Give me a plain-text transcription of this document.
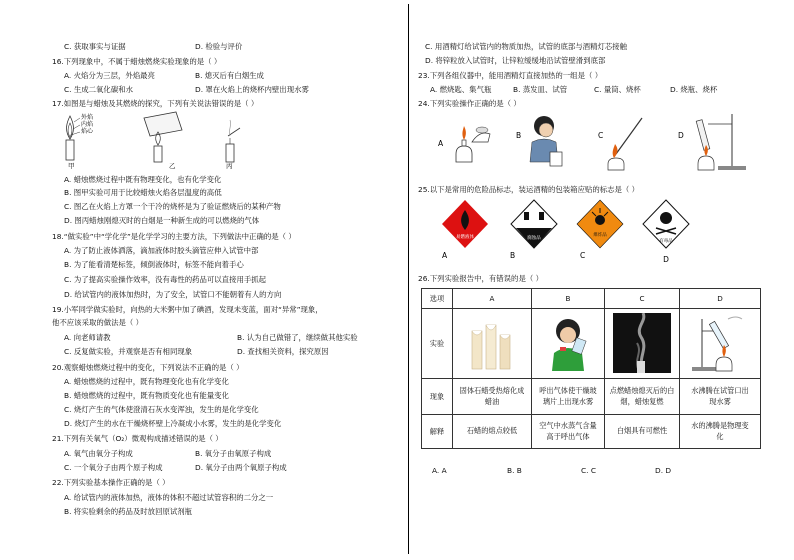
C. 获取事实与证据	D. 检验与评价
16.下列现象中，不属于蜡烛燃烧实验现象的是（ ）
A. 火焰分为三层，外焰最亮	B. 熄灭后有白烟生成
C. 生成二氧化碳和水	D. 罩在火焰上的烧杯内壁出现水雾
17.如图是与蜡烛及其燃烧的探究，下列有关说法错误的是（ ）
A. 蜡烛燃烧过程中既有物理变化，也有化学变化
B. 图甲实验可用于比较蜡烛火焰各层温度的高低
C. 图乙在火焰上方罩一个干冷的烧杯是为了验证燃烧后的某种产物
D. 图丙蜡烛刚熄灭时的白烟是一种新生成的可以燃烧的气体
18.“做实验”中“学化学”是化学学习的主要方法，下列做法中正确的是（ ）
A. 为了防止液体洒落，滴加液体时胶头滴管应伸入试管中部
B. 为了能看清楚标签，倾倒液体时，标签不能向着手心
C. 为了提高实验操作效率，没有毒性的药品可以直接用手抓起
D. 给试管内的液体加热时，为了安全，试管口不能朝着有人的方向
19.小军同学做实验时，向热的大米粥中加了碘酒，发现未变蓝，面对“异常”现象，
他不应该采取的做法是（ ）
A. 向老师请教	B. 认为自己做错了，继续做其他实验
C. 反复做实验，并观察是否有相同现象	D. 查找相关资料，探究原因
20.观察蜡烛燃烧过程中的变化，下列说法不正确的是（ ）
A. 蜡烛燃烧的过程中，既有物理变化也有化学变化
B. 蜡烛燃烧的过程中，既有物质变化也有能量变化
C. 烧灯产生的气体使澄清石灰水变浑浊，发生的是化学变化
D. 烧灯产生的水在干燥烧杯壁上冷凝成小水雾，发生的是化学变化
21.下列有关氧气（O₂）微观构成描述错误的是（ ）
A. 氧气由氧分子构成	B. 氧分子由氧原子构成
C. 一个氧分子由两个原子构成	D. 氧分子由两个氧原子构成
22.下列实验基本操作正确的是（ ）
A. 给试管内的液体加热，液体的体积不超过试管容积的二分之一
B. 将实验剩余的药品及时放回原试剂瓶
C. 用酒精灯给试管内的物质加热，试管的底部与酒精灯芯接触
D. 将锌粒放入试管时，让锌粒缓缓地沿试管壁滑到底部
23.下列各组仪器中，能用酒精灯直接加热的一组是（ ）
A. 燃烧匙、集气瓶	B. 蒸发皿、试管	C. 量筒、烧杯	D. 烧瓶、烧杯
24.下列实验操作正确的是（ ）
25.以下是常用的危险品标志，装运酒精的包装箱应贴的标志是（ ）
外焰
内焰
焰心
甲	乙	丙
A
B	C	D
易燃液体
A
腐蚀品
B
爆炸品
C
有毒品
D
26.下列实验报告中，有错误的是（ ）
选项	A	B	C	D
实验				
现象	固体石蜡受热熔化成蜡油	呼出气体使干燥玻璃片上出现水雾	点燃蜡烛熄灭后的白烟，蜡烛复燃	水沸腾在试管口出现水雾

解释	石蜡的熔点较低	空气中水蒸气含量高于呼出气体	白烟具有可燃性	水的沸腾是物理变化
A. A	B. B	C. C	D. D
